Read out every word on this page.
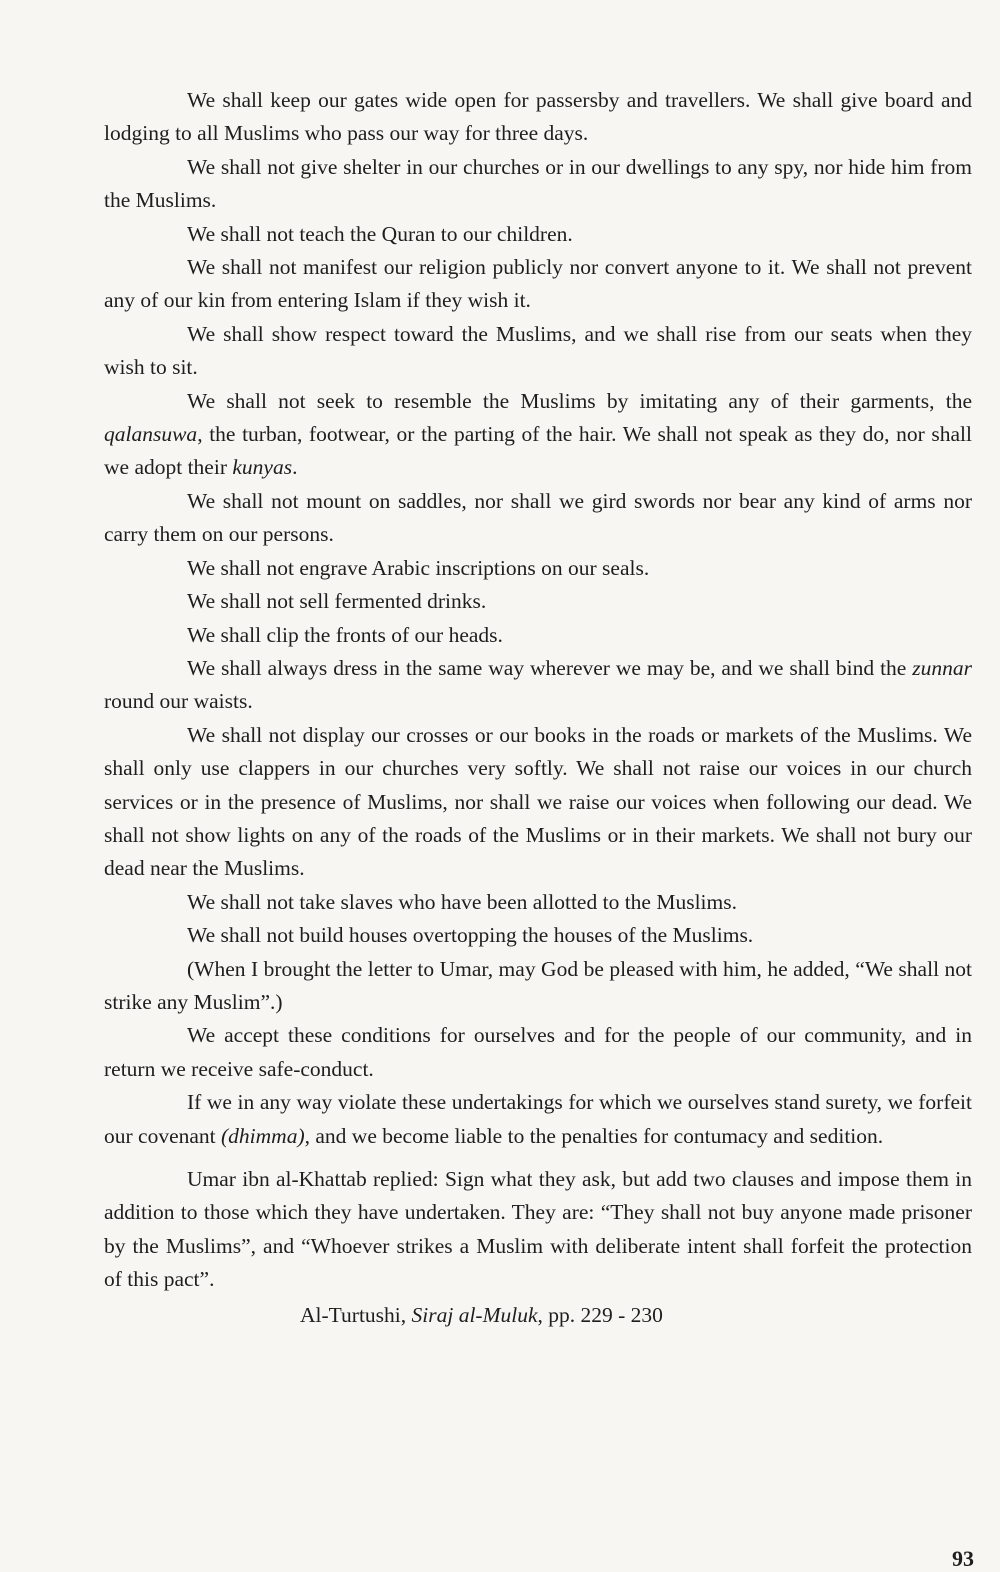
We shall keep our gates wide open for passersby and travellers. We shall give board and lodging to all Muslims who pass our way for three days.

We shall not give shelter in our churches or in our dwellings to any spy, nor hide him from the Muslims.

We shall not teach the Quran to our children.

We shall not manifest our religion publicly nor convert anyone to it. We shall not prevent any of our kin from entering Islam if they wish it.

We shall show respect toward the Muslims, and we shall rise from our seats when they wish to sit.

We shall not seek to resemble the Muslims by imitating any of their garments, the qalansuwa, the turban, footwear, or the parting of the hair. We shall not speak as they do, nor shall we adopt their kunyas.

We shall not mount on saddles, nor shall we gird swords nor bear any kind of arms nor carry them on our persons.

We shall not engrave Arabic inscriptions on our seals.

We shall not sell fermented drinks.

We shall clip the fronts of our heads.

We shall always dress in the same way wherever we may be, and we shall bind the zunnar round our waists.

We shall not display our crosses or our books in the roads or markets of the Muslims. We shall only use clappers in our churches very softly. We shall not raise our voices in our church services or in the presence of Muslims, nor shall we raise our voices when following our dead. We shall not show lights on any of the roads of the Muslims or in their markets. We shall not bury our dead near the Muslims.

We shall not take slaves who have been allotted to the Muslims.

We shall not build houses overtopping the houses of the Muslims.

(When I brought the letter to Umar, may God be pleased with him, he added, “We shall not strike any Muslim”.)

We accept these conditions for ourselves and for the people of our community, and in return we receive safe-conduct.

If we in any way violate these undertakings for which we ourselves stand surety, we forfeit our covenant (dhimma), and we become liable to the penalties for contumacy and sedition.

Umar ibn al-Khattab replied: Sign what they ask, but add two clauses and impose them in addition to those which they have undertaken. They are: “They shall not buy anyone made prisoner by the Muslims”, and “Whoever strikes a Muslim with deliberate intent shall forfeit the protection of this pact”.

Al-Turtushi, Siraj al-Muluk, pp. 229 - 230

93
